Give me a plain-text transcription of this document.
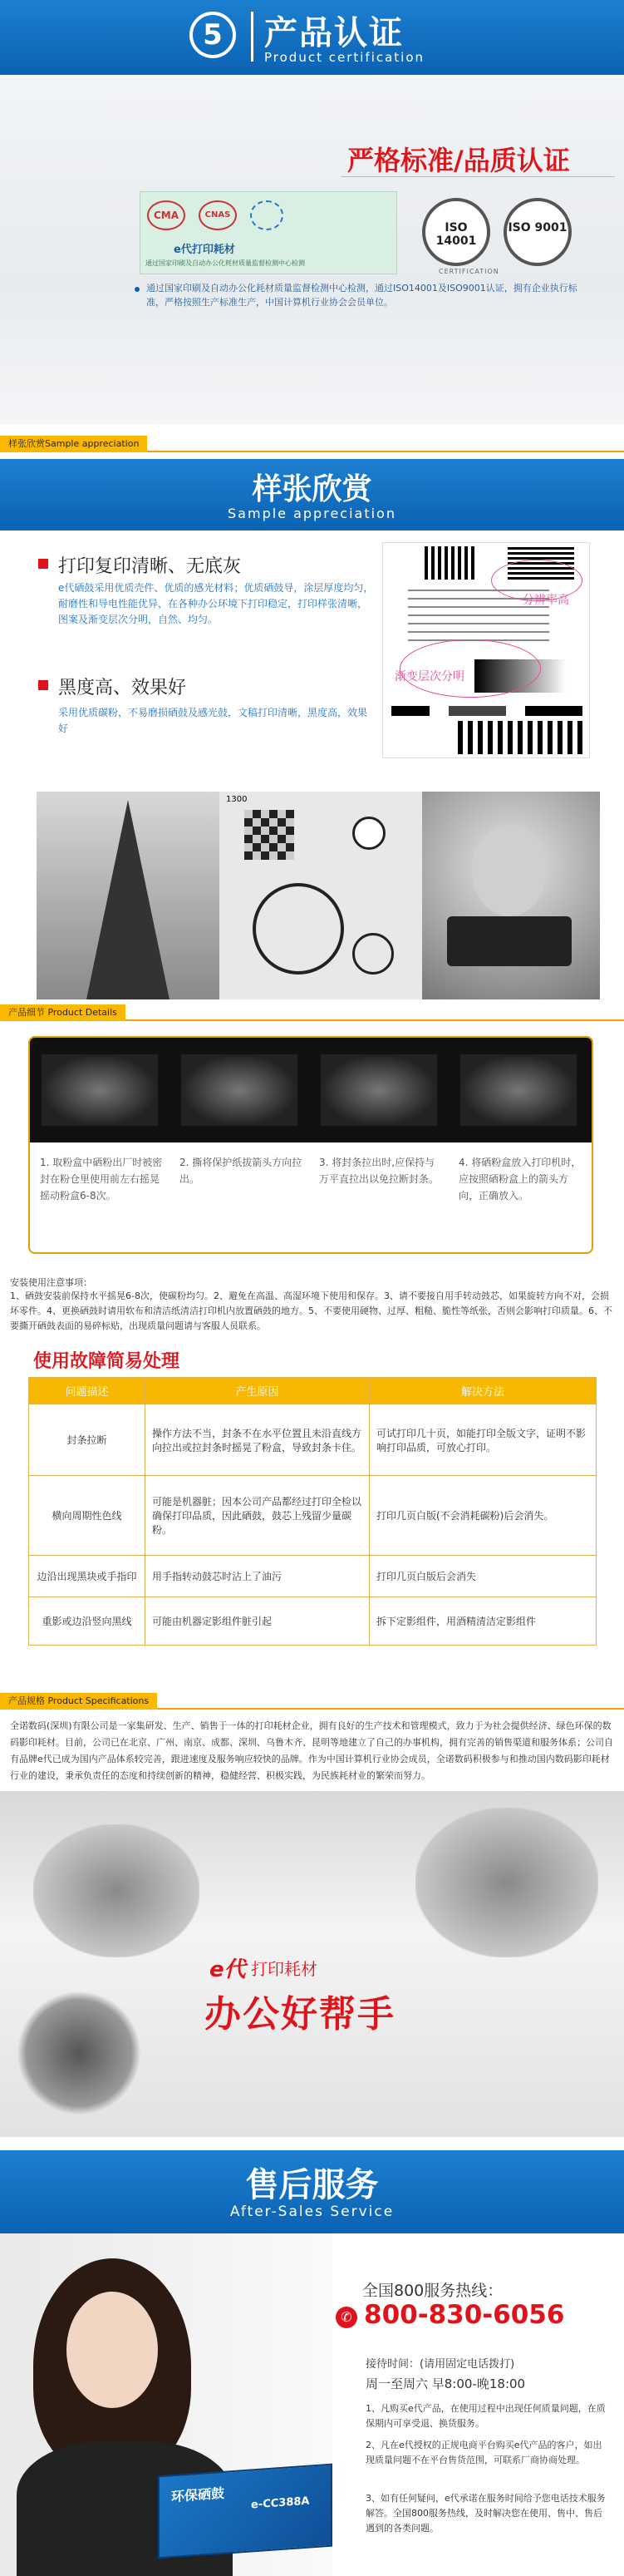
5	产品认证
Product certification
严格标准/品质认证
CMA	CNAS
e代打印耗材
通过国家印刷及自动办公化耗材质量监督检测中心检测
ISO 14001
ISO 9001
CERTIFICATION
通过国家印刷及自动办公化耗材质量监督检测中心检测，通过ISO14001及ISO9001认证，拥有企业执行标准，严格按照生产标准生产，中国计算机行业协会会员单位。
样张欣赏Sample appreciation
样张欣赏
Sample appreciation
打印复印清晰、无底灰
e代硒鼓采用优质壳件、优质的感光材料；优质硒鼓导，涂层厚度均匀，耐磨性和导电性能优异，在各种办公环境下打印稳定，打印样张清晰，图案及渐变层次分明，自然、均匀。
黑度高、效果好
采用优质碳粉，不易磨损硒鼓及感光鼓，文稿打印清晰，黑度高，效果好
分辨率高
渐变层次分明
1300
产品细节 Product Details
1. 取粉盒中硒粉出厂时被密封在粉仓里使用前左右摇晃摇动粉盒6-8次。
2. 撕将保护纸拔箭头方向拉出。
3. 将封条拉出时,应保持与万平直拉出以免拉断封条。
4. 将硒粉盒放入打印机时，应按照硒粉盒上的箭头方向，正确放入。
安装使用注意事项：
1、硒鼓安装前保持水平摇晃6-8次，使碳粉均匀。2、避免在高温、高湿环境下使用和保存。3、请不要接自用手转动鼓芯，如果旋转方向不对，会损坏零件。4、更换硒鼓时请用软布和清洁纸清洁打印机内放置硒鼓的地方。5、不要使用硬物、过厚、粗糙、脆性等纸张，否则会影响打印质量。6、不要撕开硒鼓表面的易碎标贴，出现质量问题请与客服人员联系。
使用故障简易处理
问题描述	产生原因	解决方法
封条拉断	操作方法不当，封条不在水平位置且未沿直线方向拉出或拉封条时摇晃了粉盒，导致封条卡住。	可试打印几十页，如能打印全版文字，证明不影响打印品质，可放心打印。
横向周期性色线	可能是机器脏；因本公司产品都经过打印全检以确保打印品质，因此硒鼓，鼓芯上残留少量碳粉。	打印几页白版(不会消耗碳粉)后会消失。
边沿出现黑块或手指印	用手指转动鼓芯时沾上了油污	打印几页白版后会消失
重影或边沿竖向黑线	可能由机器定影组件脏引起	拆下定影组件，用酒精清洁定影组件
产品规格 Product Specifications
全诺数码(深圳)有限公司是一家集研发、生产、销售于一体的打印耗材企业，拥有良好的生产技术和管理模式，致力于为社会提供经济、绿色环保的数码影印耗材。目前，公司已在北京、广州、南京、成都、深圳、乌鲁木齐、昆明等地建立了自己的办事机构，拥有完善的销售渠道和服务体系；公司自有品牌e代已成为国内产品体系较完善，跟进速度及服务响应较快的品牌。作为中国计算机行业协会成员，全诺数码积极参与和推动国内数码影印耗材行业的建设，秉承负责任的态度和持续创新的精神，稳健经营、积极实践，为民族耗材业的繁荣而努力。
e代 打印耗材
办公好帮手
售后服务
After-Sales Service
环保硒鼓 e-CC388A
全国800服务热线：
✆ 800-830-6056
接待时间：(请用固定电话拨打)
周一至周六 早8:00-晚18:00
1、凡购买e代产品，在使用过程中出现任何质量问题，在质保期内可享受退、换货服务。
2、凡在e代授权的正规电商平台购买e代产品的客户，如出现质量问题不在平台售货范围，可联系厂商协商处理。
3、如有任何疑问，e代承诺在服务时间给予您电话技术服务解答。全国800服务热线，及时解决您在使用、售中、售后遇到的各类问题。
